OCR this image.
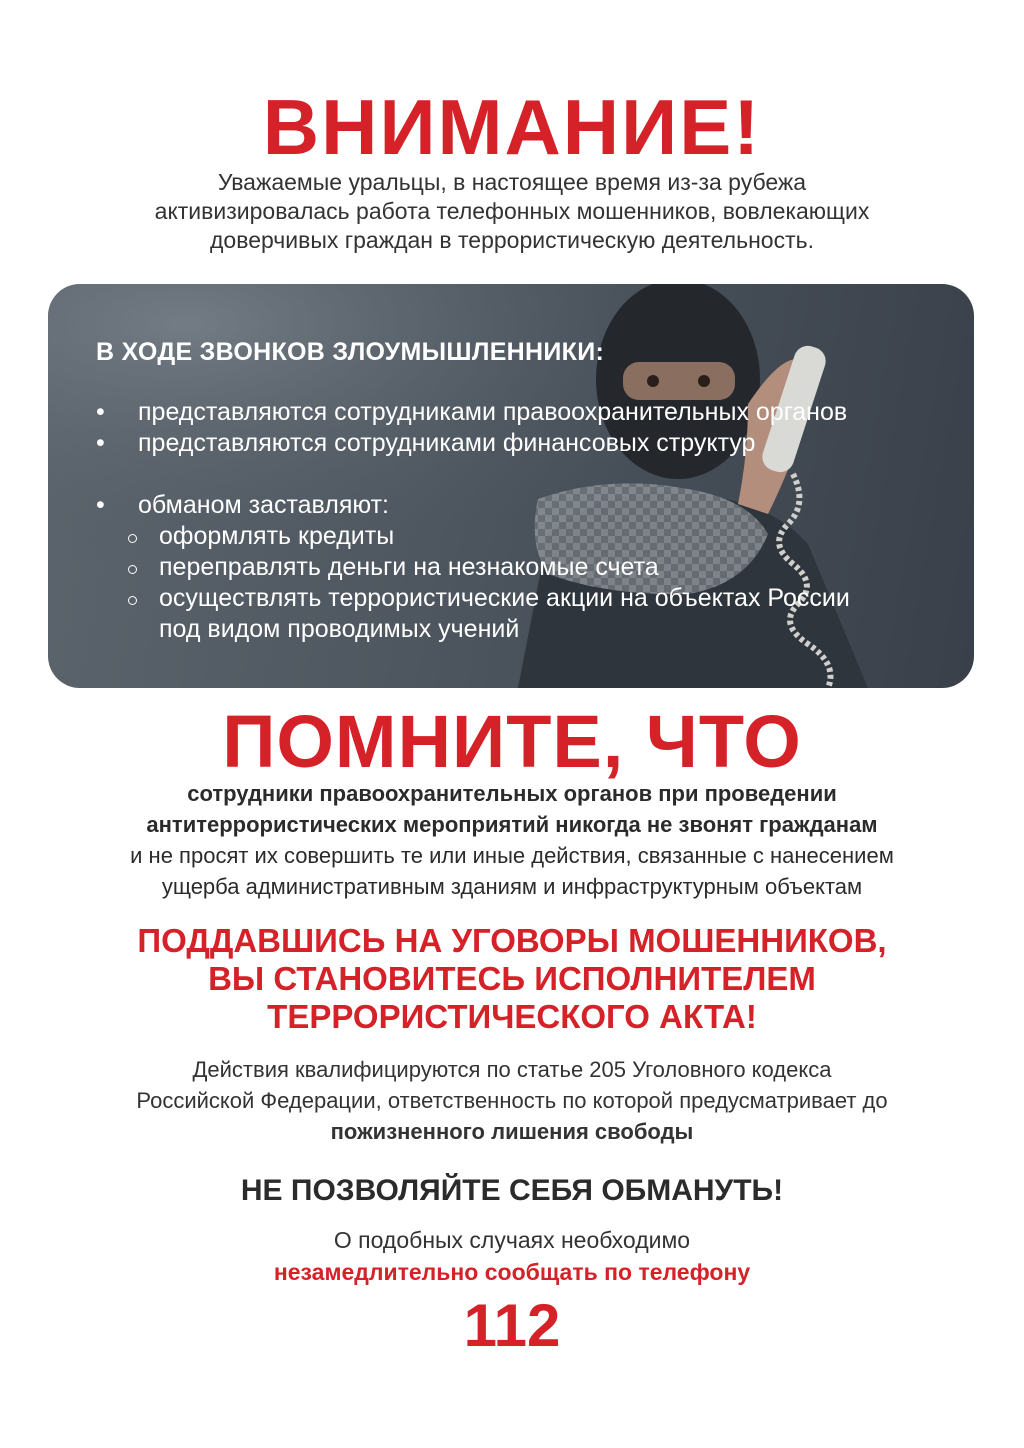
ВНИМАНИЕ!
Уважаемые уральцы, в настоящее время из-за рубежа
активизировалась работа телефонных мошенников, вовлекающих
доверчивых граждан в террористическую деятельность.
В ХОДЕ ЗВОНКОВ ЗЛОУМЫШЛЕННИКИ:
• представляются сотрудниками правоохранительных органов
• представляются сотрудниками финансовых структур
• обманом заставляют:
оформлять кредиты
переправлять деньги на незнакомые счета
осуществлять террористические акции на объектах России
под видом проводимых учений
ПОМНИТЕ, ЧТО
сотрудники правоохранительных органов при проведении
антитеррористических мероприятий никогда не звонят гражданам
и не просят их совершить те или иные действия, связанные с нанесением
ущерба административным зданиям и инфраструктурным объектам
ПОДДАВШИСЬ НА УГОВОРЫ МОШЕННИКОВ,
ВЫ СТАНОВИТЕСЬ ИСПОЛНИТЕЛЕМ
ТЕРРОРИСТИЧЕСКОГО АКТА!
Действия квалифицируются по статье 205 Уголовного кодекса
Российской Федерации, ответственность по которой предусматривает до
пожизненного лишения свободы
НЕ ПОЗВОЛЯЙТЕ СЕБЯ ОБМАНУТЬ!
О подобных случаях необходимо
незамедлительно сообщать по телефону
112
